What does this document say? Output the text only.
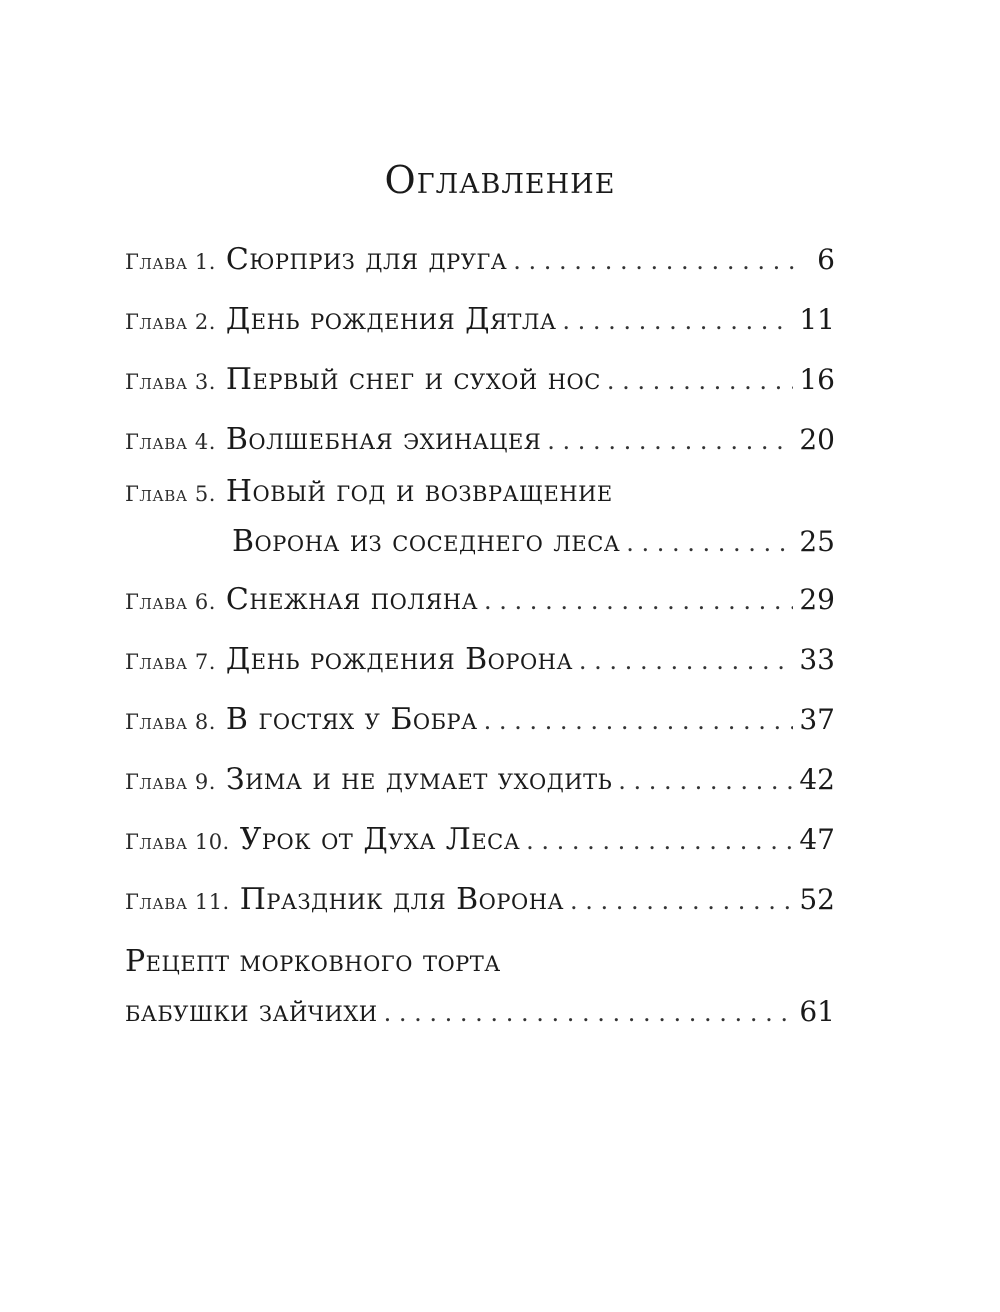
Оглавление
Глава 1. Сюрприз для друга . . .	6
Глава 2. День рождения Дятла . . .	11
Глава 3. Первый снег и сухой нос . . .	16
Глава 4. Волшебная эхинацея . . .	20
Глава 5. Новый год и возвращение
Ворона из соседнего леса . . .	25
Глава 6. Снежная поляна . . .	29
Глава 7. День рождения Ворона . . .	33
Глава 8. В гостях у Бобра . . .	37
Глава 9. Зима и не думает уходить . . .	42
Глава 10. Урок от Духа Леса . . .	47
Глава 11. Праздник для Ворона . . .	52
Рецепт морковного торта
бабушки зайчихи . . .	61
